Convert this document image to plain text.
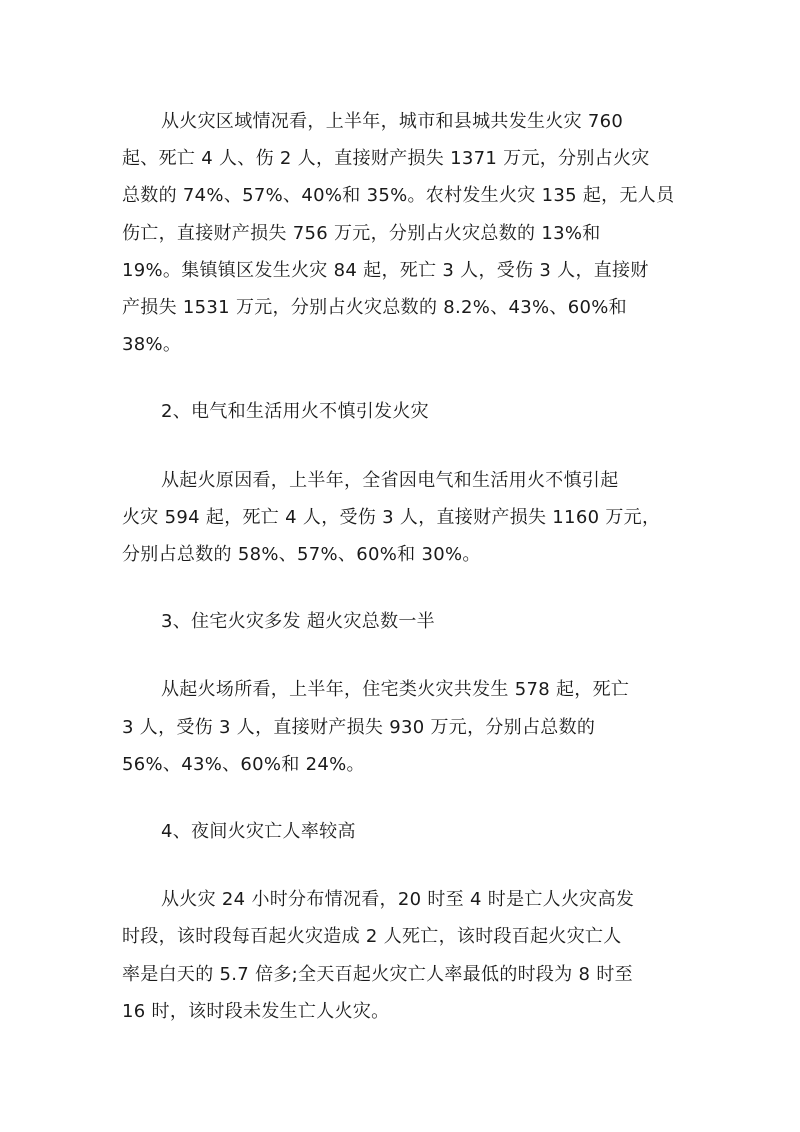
从火灾区域情况看，上半年，城市和县城共发生火灾 760
起、死亡 4 人、伤 2 人，直接财产损失 1371 万元，分别占火灾
总数的 74%、57%、40%和 35%。农村发生火灾 135 起，无人员
伤亡，直接财产损失 756 万元，分别占火灾总数的 13%和
19%。集镇镇区发生火灾 84 起，死亡 3 人，受伤 3 人，直接财
产损失 1531 万元，分别占火灾总数的 8.2%、43%、60%和
38%。

2、电气和生活用火不慎引发火灾

从起火原因看，上半年，全省因电气和生活用火不慎引起
火灾 594 起，死亡 4 人，受伤 3 人，直接财产损失 1160 万元，
分别占总数的 58%、57%、60%和 30%。

3、住宅火灾多发 超火灾总数一半

从起火场所看，上半年，住宅类火灾共发生 578 起，死亡
3 人，受伤 3 人，直接财产损失 930 万元，分别占总数的
56%、43%、60%和 24%。

4、夜间火灾亡人率较高

从火灾 24 小时分布情况看，20 时至 4 时是亡人火灾高发
时段，该时段每百起火灾造成 2 人死亡，该时段百起火灾亡人
率是白天的 5.7 倍多;全天百起火灾亡人率最低的时段为 8 时至
16 时，该时段未发生亡人火灾。
